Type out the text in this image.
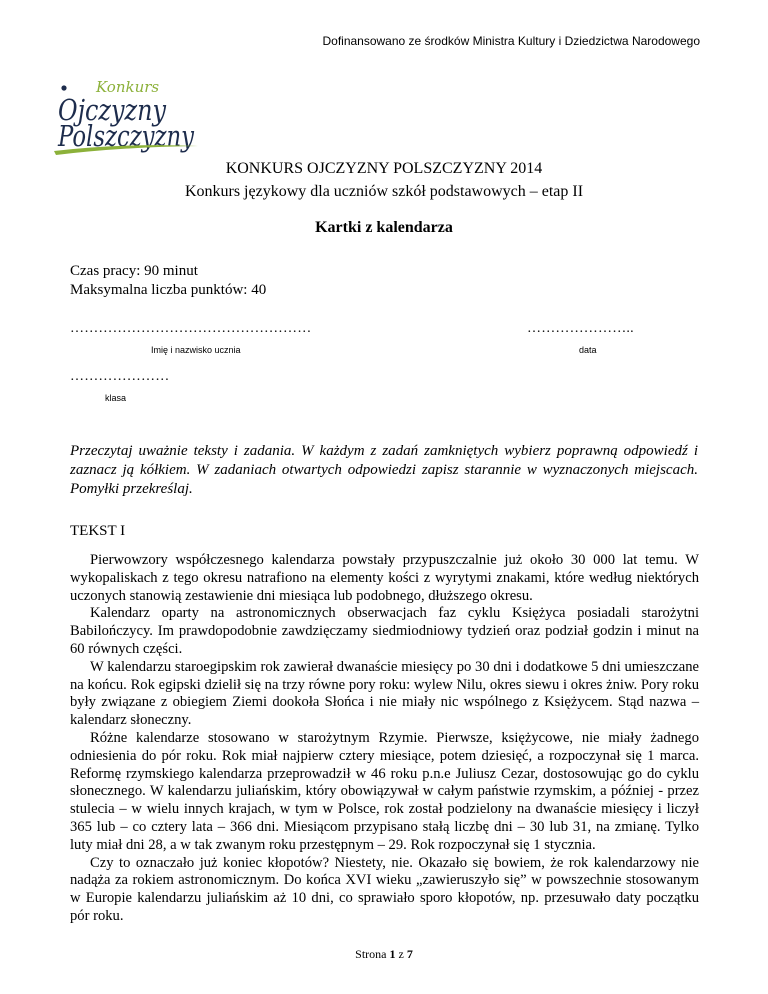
Dofinansowano ze środków Ministra Kultury i Dziedzictwa Narodowego
Konkurs
Ojczyzny
Polszczyzny
KONKURS OJCZYZNY POLSZCZYZNY 2014
Konkurs językowy dla uczniów szkół podstawowych – etap II
Kartki z kalendarza
Czas pracy: 90 minut
Maksymalna liczba punktów: 40
……………………………………………
Imię i nazwisko ucznia
…………………..
data
…………………
klasa
Przeczytaj uważnie teksty i zadania. W każdym z zadań zamkniętych wybierz poprawną odpowiedź i zaznacz ją kółkiem. W zadaniach otwartych odpowiedzi zapisz starannie w wyznaczonych miejscach. Pomyłki przekreślaj.
TEKST I

Pierwowzory współczesnego kalendarza powstały przypuszczalnie już około 30 000 lat temu. W wykopaliskach z tego okresu natrafiono na elementy kości z wyrytymi znakami, które według niektórych uczonych stanowią zestawienie dni miesiąca lub podobnego, dłuższego okresu.

Kalendarz oparty na astronomicznych obserwacjach faz cyklu Księżyca posiadali starożytni Babilończycy. Im prawdopodobnie zawdzięczamy siedmiodniowy tydzień oraz podział godzin i minut na 60 równych części.

W kalendarzu staroegipskim rok zawierał dwanaście miesięcy po 30 dni i dodatkowe 5 dni umieszczane na końcu. Rok egipski dzielił się na trzy równe pory roku: wylew Nilu, okres siewu i okres żniw. Pory roku były związane z obiegiem Ziemi dookoła Słońca i nie miały nic wspólnego z Księżycem. Stąd nazwa – kalendarz słoneczny.

Różne kalendarze stosowano w starożytnym Rzymie. Pierwsze, księżycowe, nie miały żadnego odniesienia do pór roku. Rok miał najpierw cztery miesiące, potem dziesięć, a rozpoczynał się 1 marca. Reformę rzymskiego kalendarza przeprowadził w 46 roku p.n.e Juliusz Cezar, dostosowując go do cyklu słonecznego. W kalendarzu juliańskim, który obowiązywał w całym państwie rzymskim, a później - przez stulecia – w wielu innych krajach, w tym w Polsce, rok został podzielony na dwanaście miesięcy i liczył 365 lub – co cztery lata – 366 dni. Miesiącom przypisano stałą liczbę dni – 30 lub 31, na zmianę. Tylko luty miał dni 28, a w tak zwanym roku przestępnym – 29. Rok rozpoczynał się 1 stycznia.

Czy to oznaczało już koniec kłopotów? Niestety, nie. Okazało się bowiem, że rok kalendarzowy nie nadąża za rokiem astronomicznym. Do końca XVI wieku „zawieruszyło się” w powszechnie stosowanym w Europie kalendarzu juliańskim aż 10 dni, co sprawiało sporo kłopotów, np. przesuwało daty początku pór roku.

Strona 1 z 7
